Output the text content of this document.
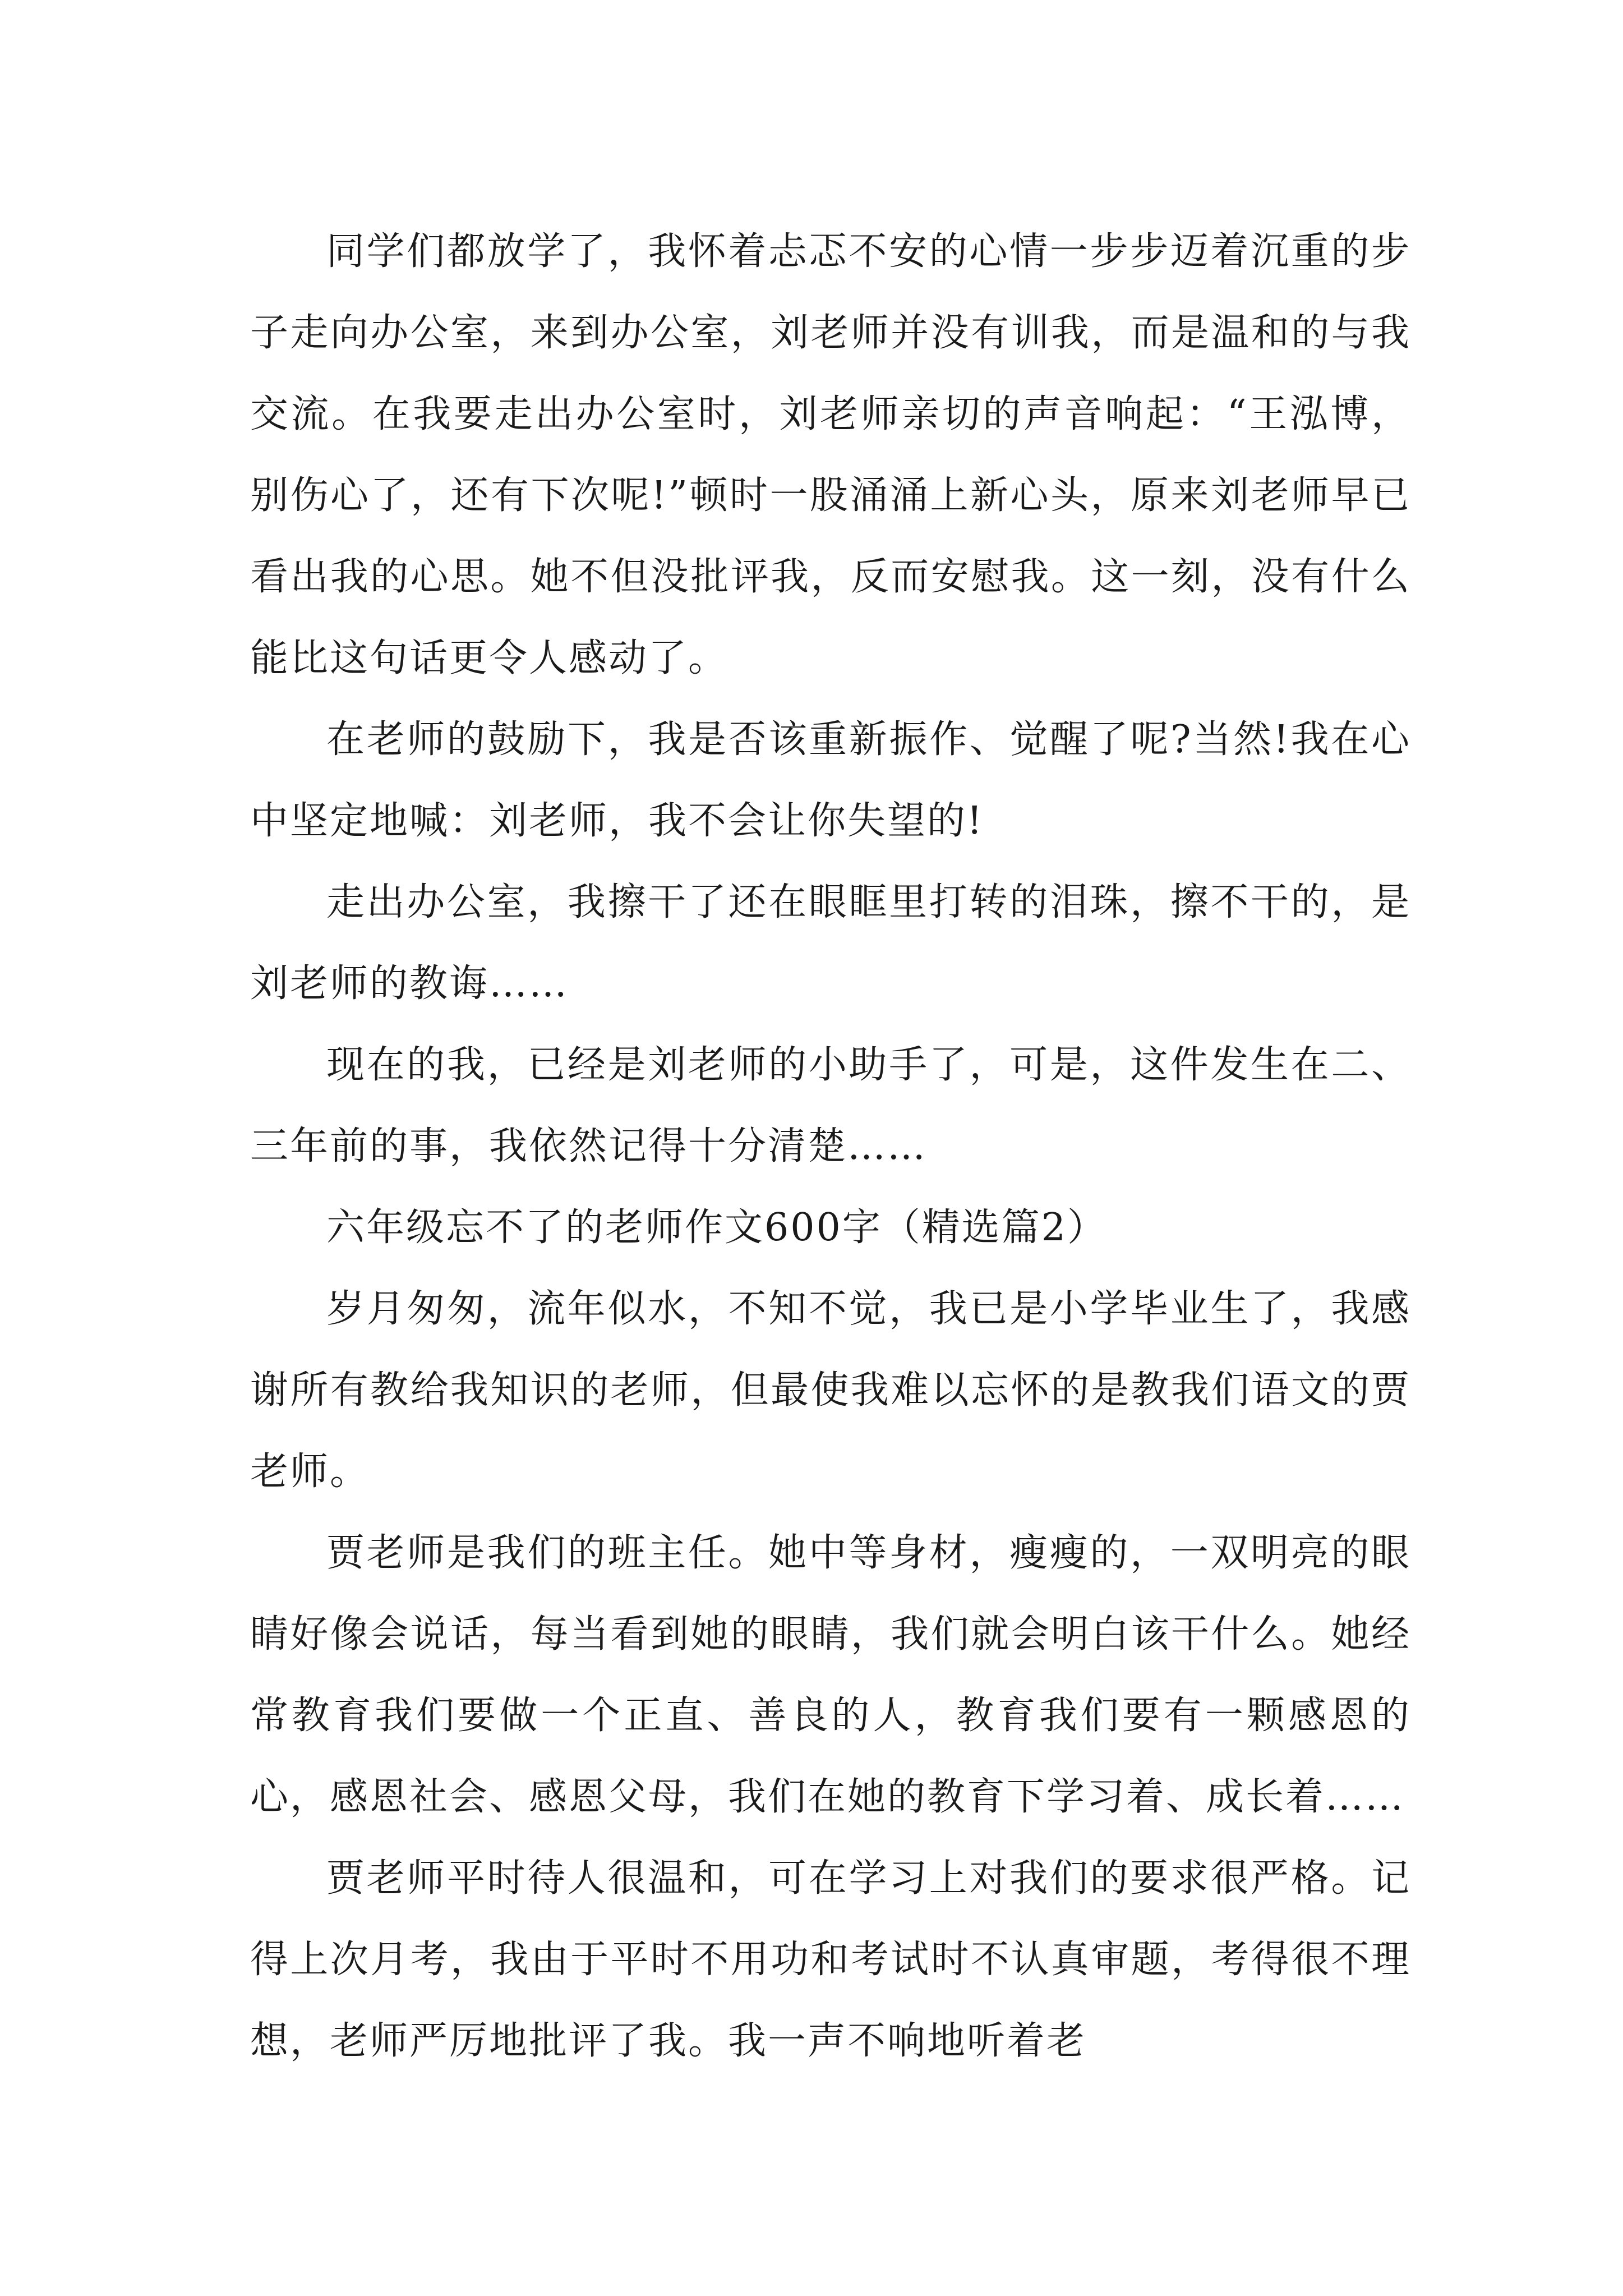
同学们都放学了，我怀着忐忑不安的心情一步步迈着沉重的步子走向办公室，来到办公室，刘老师并没有训我，而是温和的与我交流。在我要走出办公室时，刘老师亲切的声音响起：“王泓博，别伤心了，还有下次呢!”顿时一股涌涌上新心头，原来刘老师早已看出我的心思。她不但没批评我，反而安慰我。这一刻，没有什么能比这句话更令人感动了。

在老师的鼓励下，我是否该重新振作、觉醒了呢?当然!我在心中坚定地喊：刘老师，我不会让你失望的!

走出办公室，我擦干了还在眼眶里打转的泪珠，擦不干的，是刘老师的教诲……

现在的我，已经是刘老师的小助手了，可是，这件发生在二、三年前的事，我依然记得十分清楚……

六年级忘不了的老师作文600字（精选篇2）

岁月匆匆，流年似水，不知不觉，我已是小学毕业生了，我感谢所有教给我知识的老师，但最使我难以忘怀的是教我们语文的贾老师。

贾老师是我们的班主任。她中等身材，瘦瘦的，一双明亮的眼睛好像会说话，每当看到她的眼睛，我们就会明白该干什么。她经常教育我们要做一个正直、善良的人，教育我们要有一颗感恩的心，感恩社会、感恩父母，我们在她的教育下学习着、成长着……

贾老师平时待人很温和，可在学习上对我们的要求很严格。记得上次月考，我由于平时不用功和考试时不认真审题，考得很不理想，老师严厉地批评了我。我一声不响地听着老
